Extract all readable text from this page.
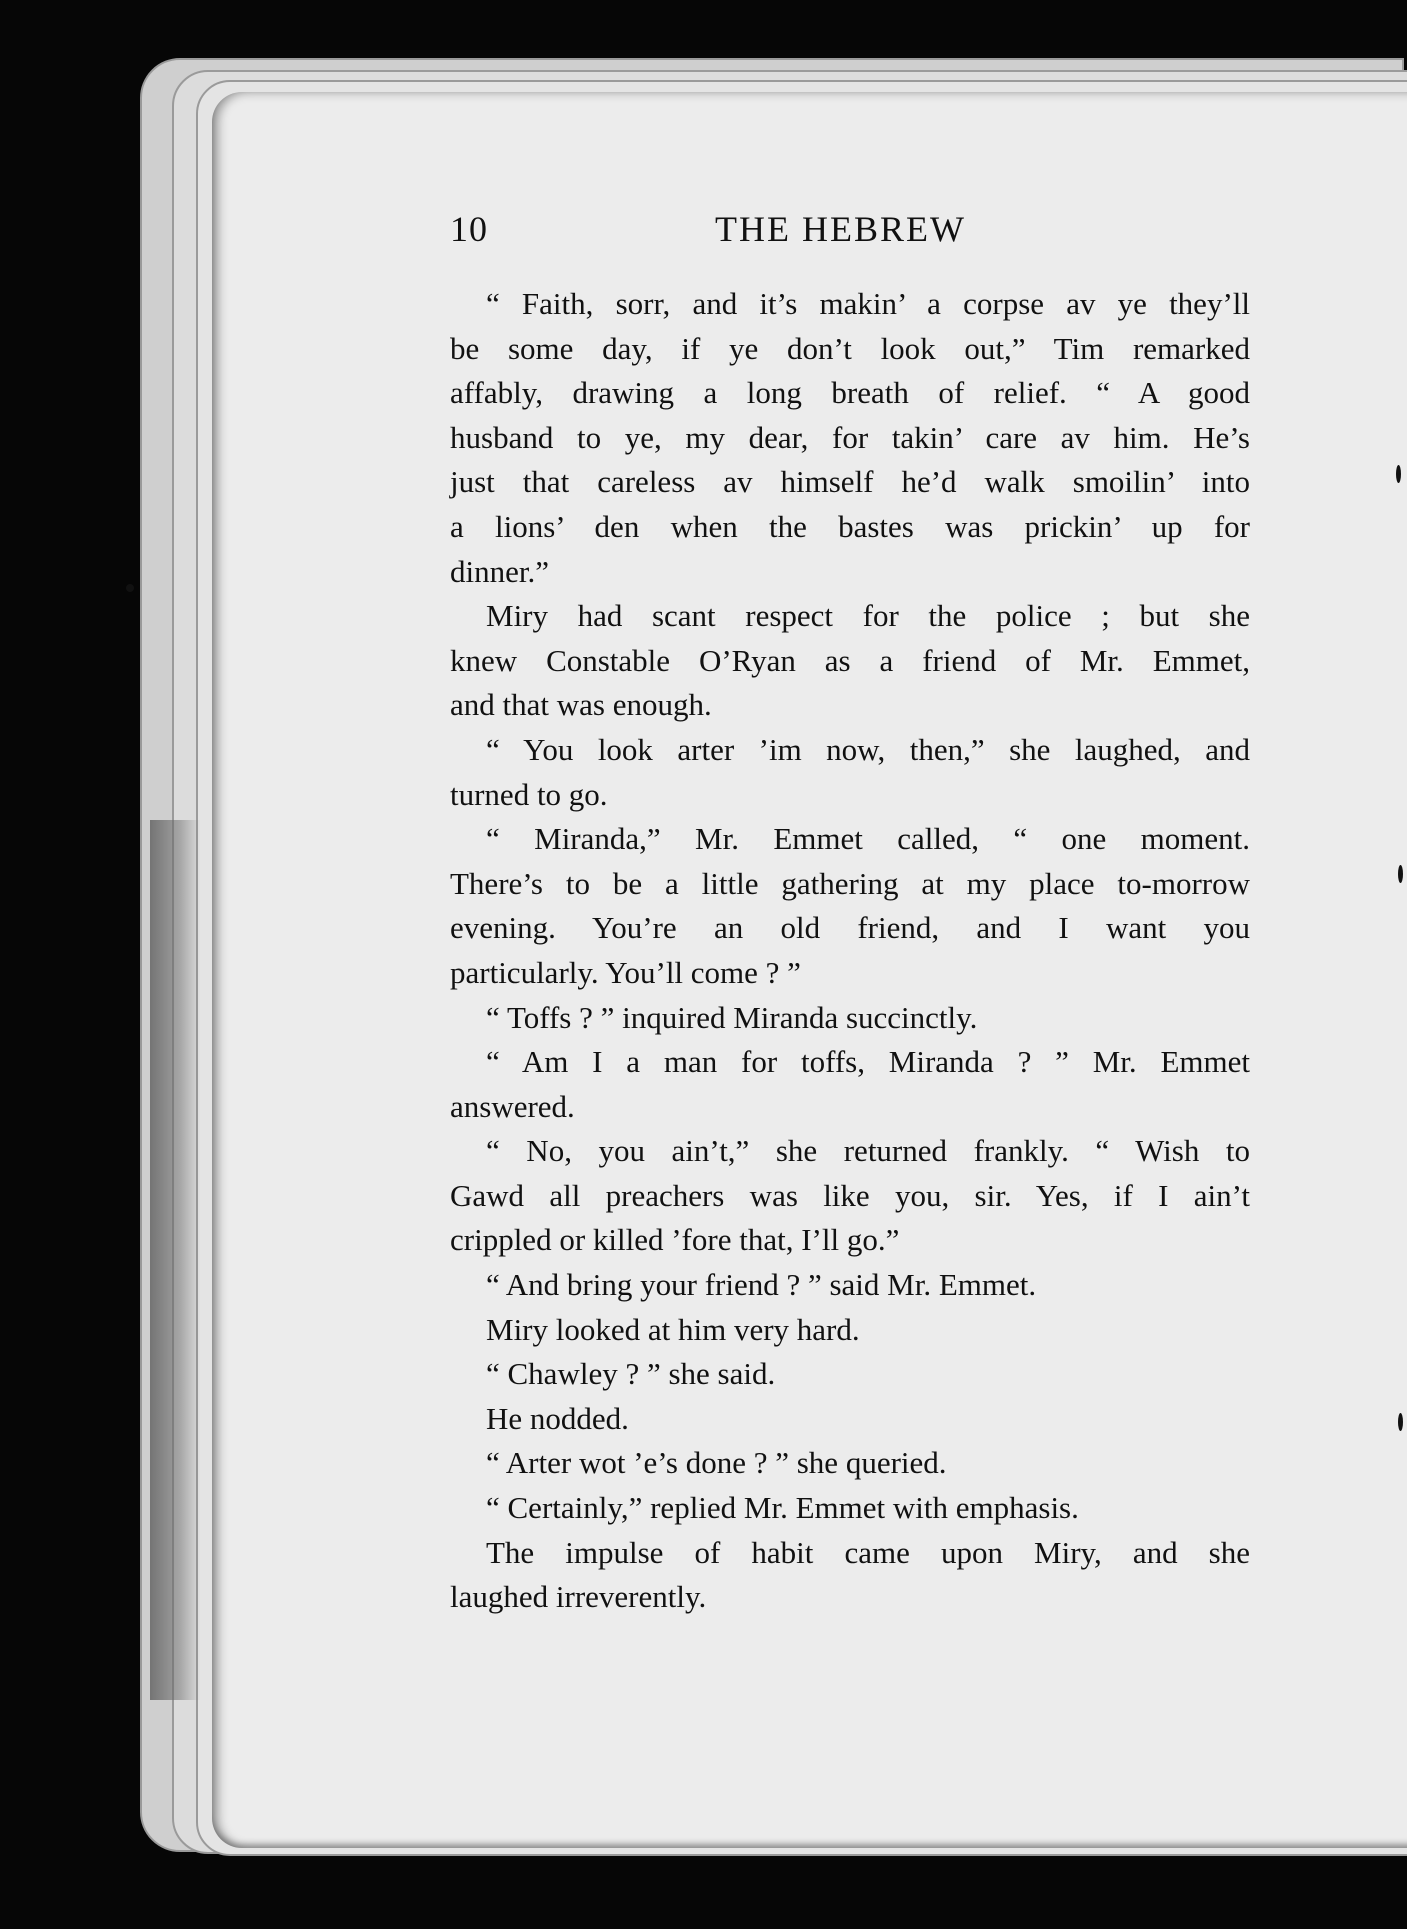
10	THE HEBREW
“ Faith, sorr, and it’s makin’ a corpse av ye they’ll
be some day, if ye don’t look out,” Tim remarked
affably, drawing a long breath of relief. “ A good
husband to ye, my dear, for takin’ care av him. He’s
just that careless av himself he’d walk smoilin’ into
a lions’ den when the bastes was prickin’ up for
dinner.”
Miry had scant respect for the police ; but she
knew Constable O’Ryan as a friend of Mr. Emmet,
and that was enough.
“ You look arter ’im now, then,” she laughed, and
turned to go.
“ Miranda,” Mr. Emmet called, “ one moment.
There’s to be a little gathering at my place to-morrow
evening. You’re an old friend, and I want you
particularly. You’ll come ? ”
“ Toffs ? ” inquired Miranda succinctly.
“ Am I a man for toffs, Miranda ? ” Mr. Emmet
answered.
“ No, you ain’t,” she returned frankly. “ Wish to
Gawd all preachers was like you, sir. Yes, if I ain’t
crippled or killed ’fore that, I’ll go.”
“ And bring your friend ? ” said Mr. Emmet.
Miry looked at him very hard.
“ Chawley ? ” she said.
He nodded.
“ Arter wot ’e’s done ? ” she queried.
“ Certainly,” replied Mr. Emmet with emphasis.
The impulse of habit came upon Miry, and she
laughed irreverently.
